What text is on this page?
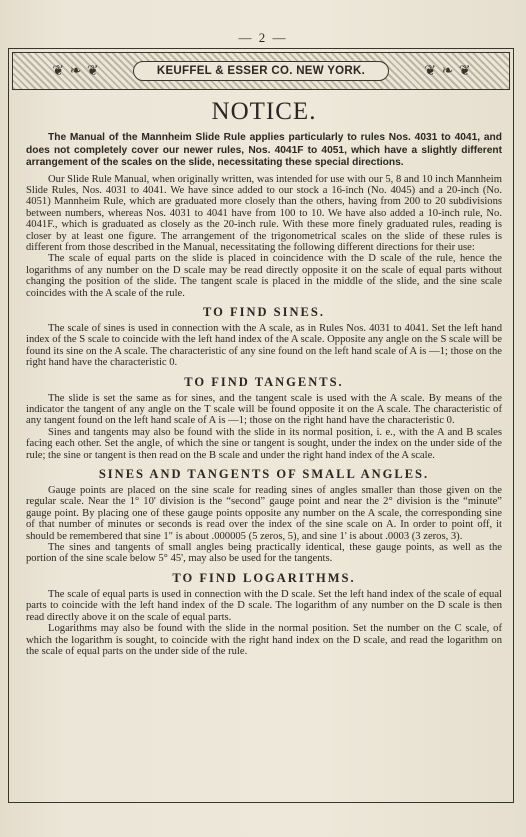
— 2 —
❦ ❧ ❦	KEUFFEL & ESSER CO. NEW YORK.	❦ ❧ ❦
NOTICE.

The Manual of the Mannheim Slide Rule applies particularly to rules Nos. 4031 to 4041, and does not completely cover our newer rules, Nos. 4041F to 4051, which have a slightly different arrangement of the scales on the slide, necessitating these special directions.

Our Slide Rule Manual, when originally written, was intended for use with our 5, 8 and 10 inch Mannheim Slide Rules, Nos. 4031 to 4041. We have since added to our stock a 16-inch (No. 4045) and a 20-inch (No. 4051) Mannheim Rule, which are graduated more closely than the others, having from 200 to 20 subdivisions between numbers, whereas Nos. 4031 to 4041 have from 100 to 10. We have also added a 10-inch rule, No. 4041F., which is graduated as closely as the 20-inch rule. With these more finely graduated rules, reading is closer by at least one figure. The arrangement of the trigonometrical scales on the slide of these rules is different from those described in the Manual, necessitating the following different directions for their use:

The scale of equal parts on the slide is placed in coincidence with the D scale of the rule, hence the logarithms of any number on the D scale may be read directly opposite it on the scale of equal parts without changing the position of the slide. The tangent scale is placed in the middle of the slide, and the sine scale coincides with the A scale of the rule.

TO FIND SINES.

The scale of sines is used in connection with the A scale, as in Rules Nos. 4031 to 4041. Set the left hand index of the S scale to coincide with the left hand index of the A scale. Opposite any angle on the S scale will be found its sine on the A scale. The characteristic of any sine found on the left hand scale of A is —1; those on the right hand have the characteristic 0.

TO FIND TANGENTS.

The slide is set the same as for sines, and the tangent scale is used with the A scale. By means of the indicator the tangent of any angle on the T scale will be found opposite it on the A scale. The characteristic of any tangent found on the left hand scale of A is —1; those on the right hand have the characteristic 0.

Sines and tangents may also be found with the slide in its normal position, i. e., with the A and B scales facing each other. Set the angle, of which the sine or tangent is sought, under the index on the under side of the rule; the sine or tangent is then read on the B scale and under the right hand index of the A scale.

SINES AND TANGENTS OF SMALL ANGLES.

Gauge points are placed on the sine scale for reading sines of angles smaller than those given on the regular scale. Near the 1° 10' division is the “second” gauge point and near the 2° division is the “minute” gauge point. By placing one of these gauge points opposite any number on the A scale, the corresponding sine of that number of minutes or seconds is read over the index of the sine scale on A. In order to point off, it should be remembered that sine 1" is about .000005 (5 zeros, 5), and sine 1' is about .0003 (3 zeros, 3).

The sines and tangents of small angles being practically identical, these gauge points, as well as the portion of the sine scale below 5° 45', may also be used for the tangents.

TO FIND LOGARITHMS.

The scale of equal parts is used in connection with the D scale. Set the left hand index of the scale of equal parts to coincide with the left hand index of the D scale. The logarithm of any number on the D scale is then read directly above it on the scale of equal parts.

Logarithms may also be found with the slide in the normal position. Set the number on the C scale, of which the logarithm is sought, to coincide with the right hand index on the D scale, and read the logarithm on the scale of equal parts on the under side of the rule.
